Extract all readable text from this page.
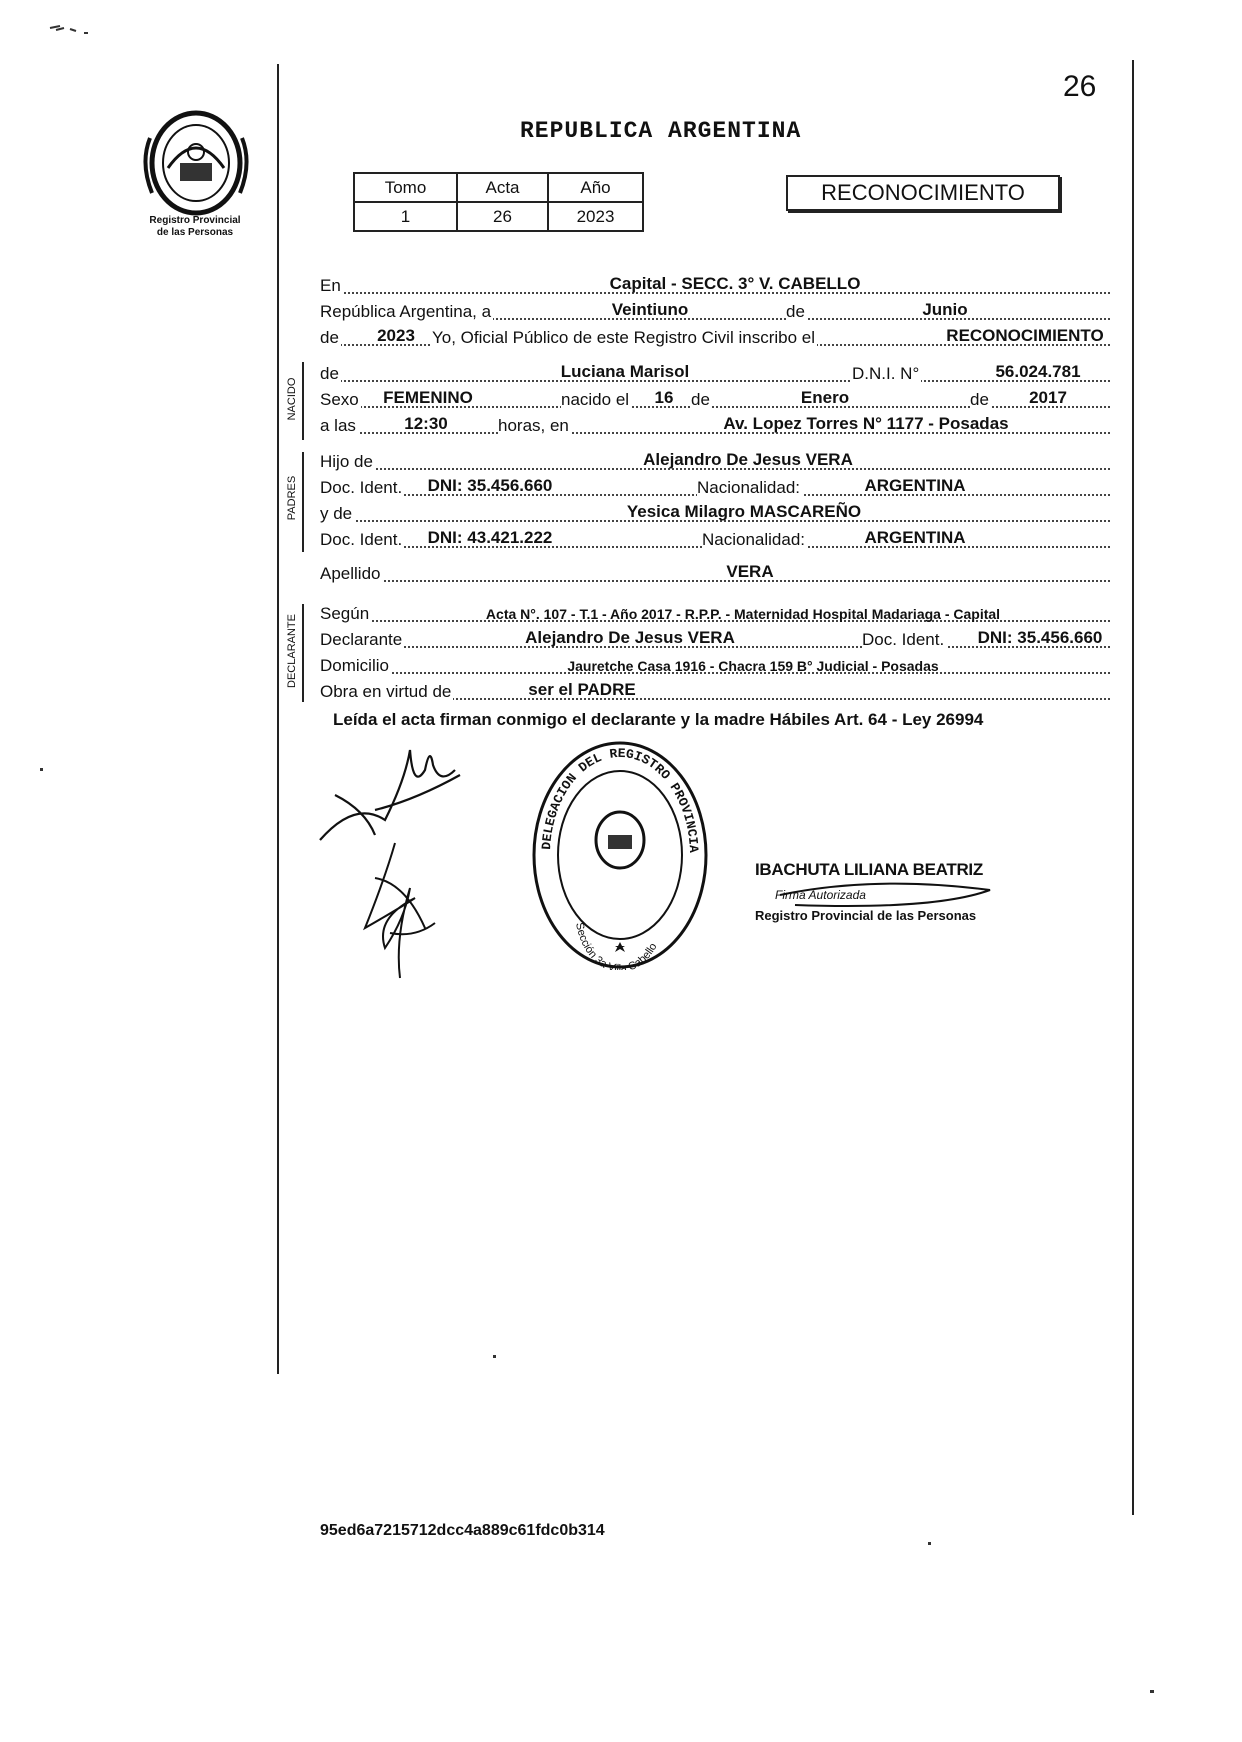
Registro Provincial
de las Personas
26
REPUBLICA ARGENTINA
Tomo	Acta	Año
1	26	2023
RECONOCIMIENTO
En	Capital - SECC. 3° V. CABELLO
República Argentina, a	Veintiuno	de	Junio
de 2023 Yo, Oficial Público de este Registro Civil inscribo el	RECONOCIMIENTO
NACIDO
de	Luciana Marisol	D.N.I. N°	56.024.781
Sexo FEMENINO	nacido el 16 de	Enero	de 2017
a las	12:30	horas, en	Av. Lopez Torres N° 1177 - Posadas
PADRES
Hijo de	Alejandro De Jesus VERA
Doc. Ident. DNI: 35.456.660	Nacionalidad:	ARGENTINA
y de	Yesica Milagro MASCAREÑO
Doc. Ident. DNI: 43.421.222	Nacionalidad:	ARGENTINA
Apellido	VERA
DECLARANTE
Según	Acta N°. 107 - T.1 - Año 2017 - R.P.P. - Maternidad Hospital Madariaga - Capital
Declarante	Alejandro De Jesus VERA	Doc. Ident. DNI: 35.456.660
Domicilio	Jauretche Casa 1916 - Chacra 159 B° Judicial - Posadas
Obra en virtud de	ser el PADRE
Leída el acta firman conmigo el declarante y la madre Hábiles Art. 64 - Ley 26994
DELEGACION DEL REGISTRO PROVINCIA
Sección 3a Villa Cabello
IBACHUTA LILIANA BEATRIZ
Firma Autorizada
Registro Provincial de las Personas
95ed6a7215712dcc4a889c61fdc0b314
